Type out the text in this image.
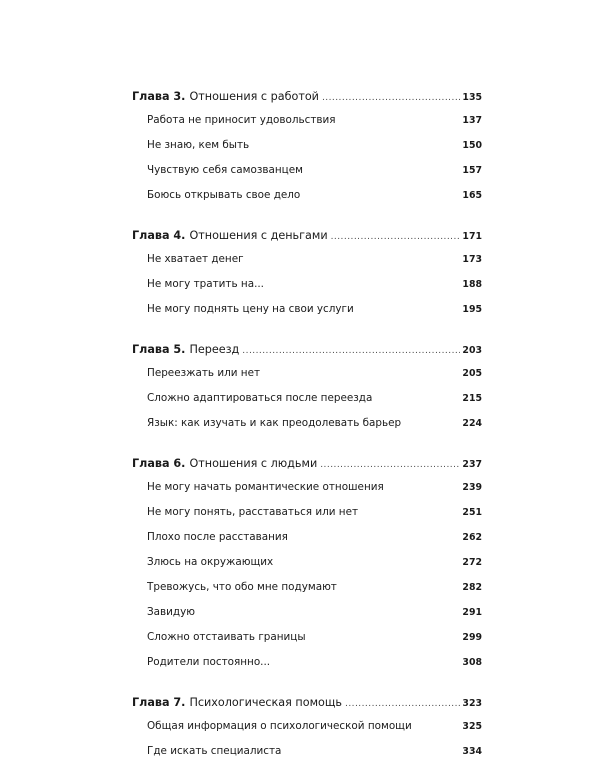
Глава 3. Отношения с работой . . .	135
Работа не приносит удовольствия . . .	137
Не знаю, кем быть . . .	150
Чувствую себя самозванцем . . .	157
Боюсь открывать свое дело . . .	165
Глава 4. Отношения с деньгами . . .	171
Не хватает денег . . .	173
Не могу тратить на... . . .	188
Не могу поднять цену на свои услуги . . .	195
Глава 5. Переезд . . .	203
Переезжать или нет . . .	205
Сложно адаптироваться после переезда . . .	215
Язык: как изучать и как преодолевать барьер . . .	224
Глава 6. Отношения с людьми . . .	237
Не могу начать романтические отношения . . .	239
Не могу понять, расставаться или нет . . .	251
Плохо после расставания . . .	262
Злюсь на окружающих . . .	272
Тревожусь, что обо мне подумают . . .	282
Завидую . . .	291
Сложно отстаивать границы . . .	299
Родители постоянно... . . .	308
Глава 7. Психологическая помощь . . .	323
Общая информация о психологической помощи . . .	325
Где искать специалиста . . .	334
